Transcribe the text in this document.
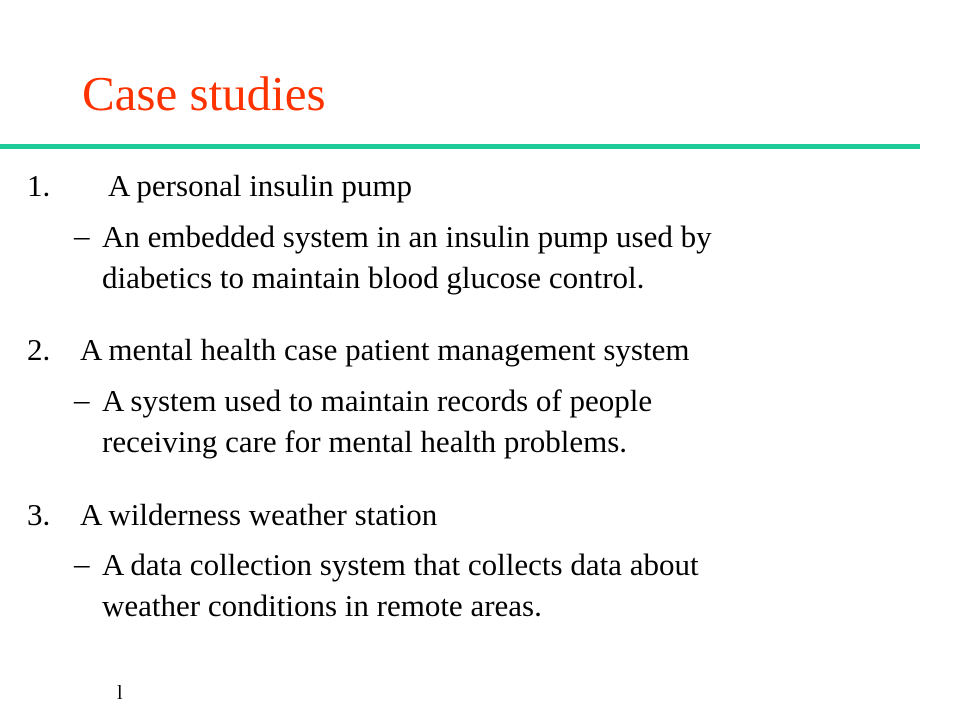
Case studies
1. A personal insulin pump
– An embedded system in an insulin pump used by
diabetics to maintain blood glucose control.
2. A mental health case patient management system
– A system used to maintain records of people
receiving care for mental health problems.
3. A wilderness weather station
– A data collection system that collects data about
weather conditions in remote areas.
l
